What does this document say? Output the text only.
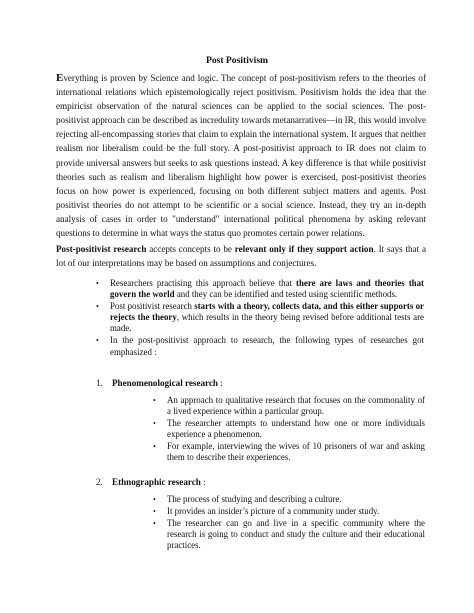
Post Positivism

Everything is proven by Science and logic. The concept of post-positivism refers to the theories of international relations which epistemologically reject positivism. Positivism holds the idea that the empiricist observation of the natural sciences can be applied to the social sciences. The post-positivist approach can be described as incredulity towards metanarratives—in IR, this would involve rejecting all-encompassing stories that claim to explain the international system. It argues that neither realism nor liberalism could be the full story. A post-positivist approach to IR does not claim to provide universal answers but seeks to ask questions instead. A key difference is that while positivist theories such as realism and liberalism highlight how power is exercised, post-positivist theories focus on how power is experienced, focusing on both different subject matters and agents. Post positivist theories do not attempt to be scientific or a social science. Instead, they try an in-depth analysis of cases in order to "understand" international political phenomena by asking relevant questions to determine in what ways the status quo promotes certain power relations.

Post-positivist research accepts concepts to be relevant only if they support action. It says that a lot of our interpretations may be based on assumptions and conjectures.

• Researchers practising this approach believe that there are laws and theories that govern the world and they can be identified and tested using scientific methods.
• Post positivist research starts with a theory, collects data, and this either supports or rejects the theory, which results in the theory being revised before additional tests are made.
• In the post-positivist approach to research, the following types of researches got emphasized :
1. Phenomenological research :
• An approach to qualitative research that focuses on the commonality of a lived experience within a particular group.
• The researcher attempts to understand how one or more individuals experience a phenomenon.
• For example, interviewing the wives of 10 prisoners of war and asking them to describe their experiences.
2. Ethnographic research :
• The process of studying and describing a culture.
• It provides an insider’s picture of a community under study.
• The researcher can go and live in a specific community where the research is going to conduct and study the culture and their educational practices.
